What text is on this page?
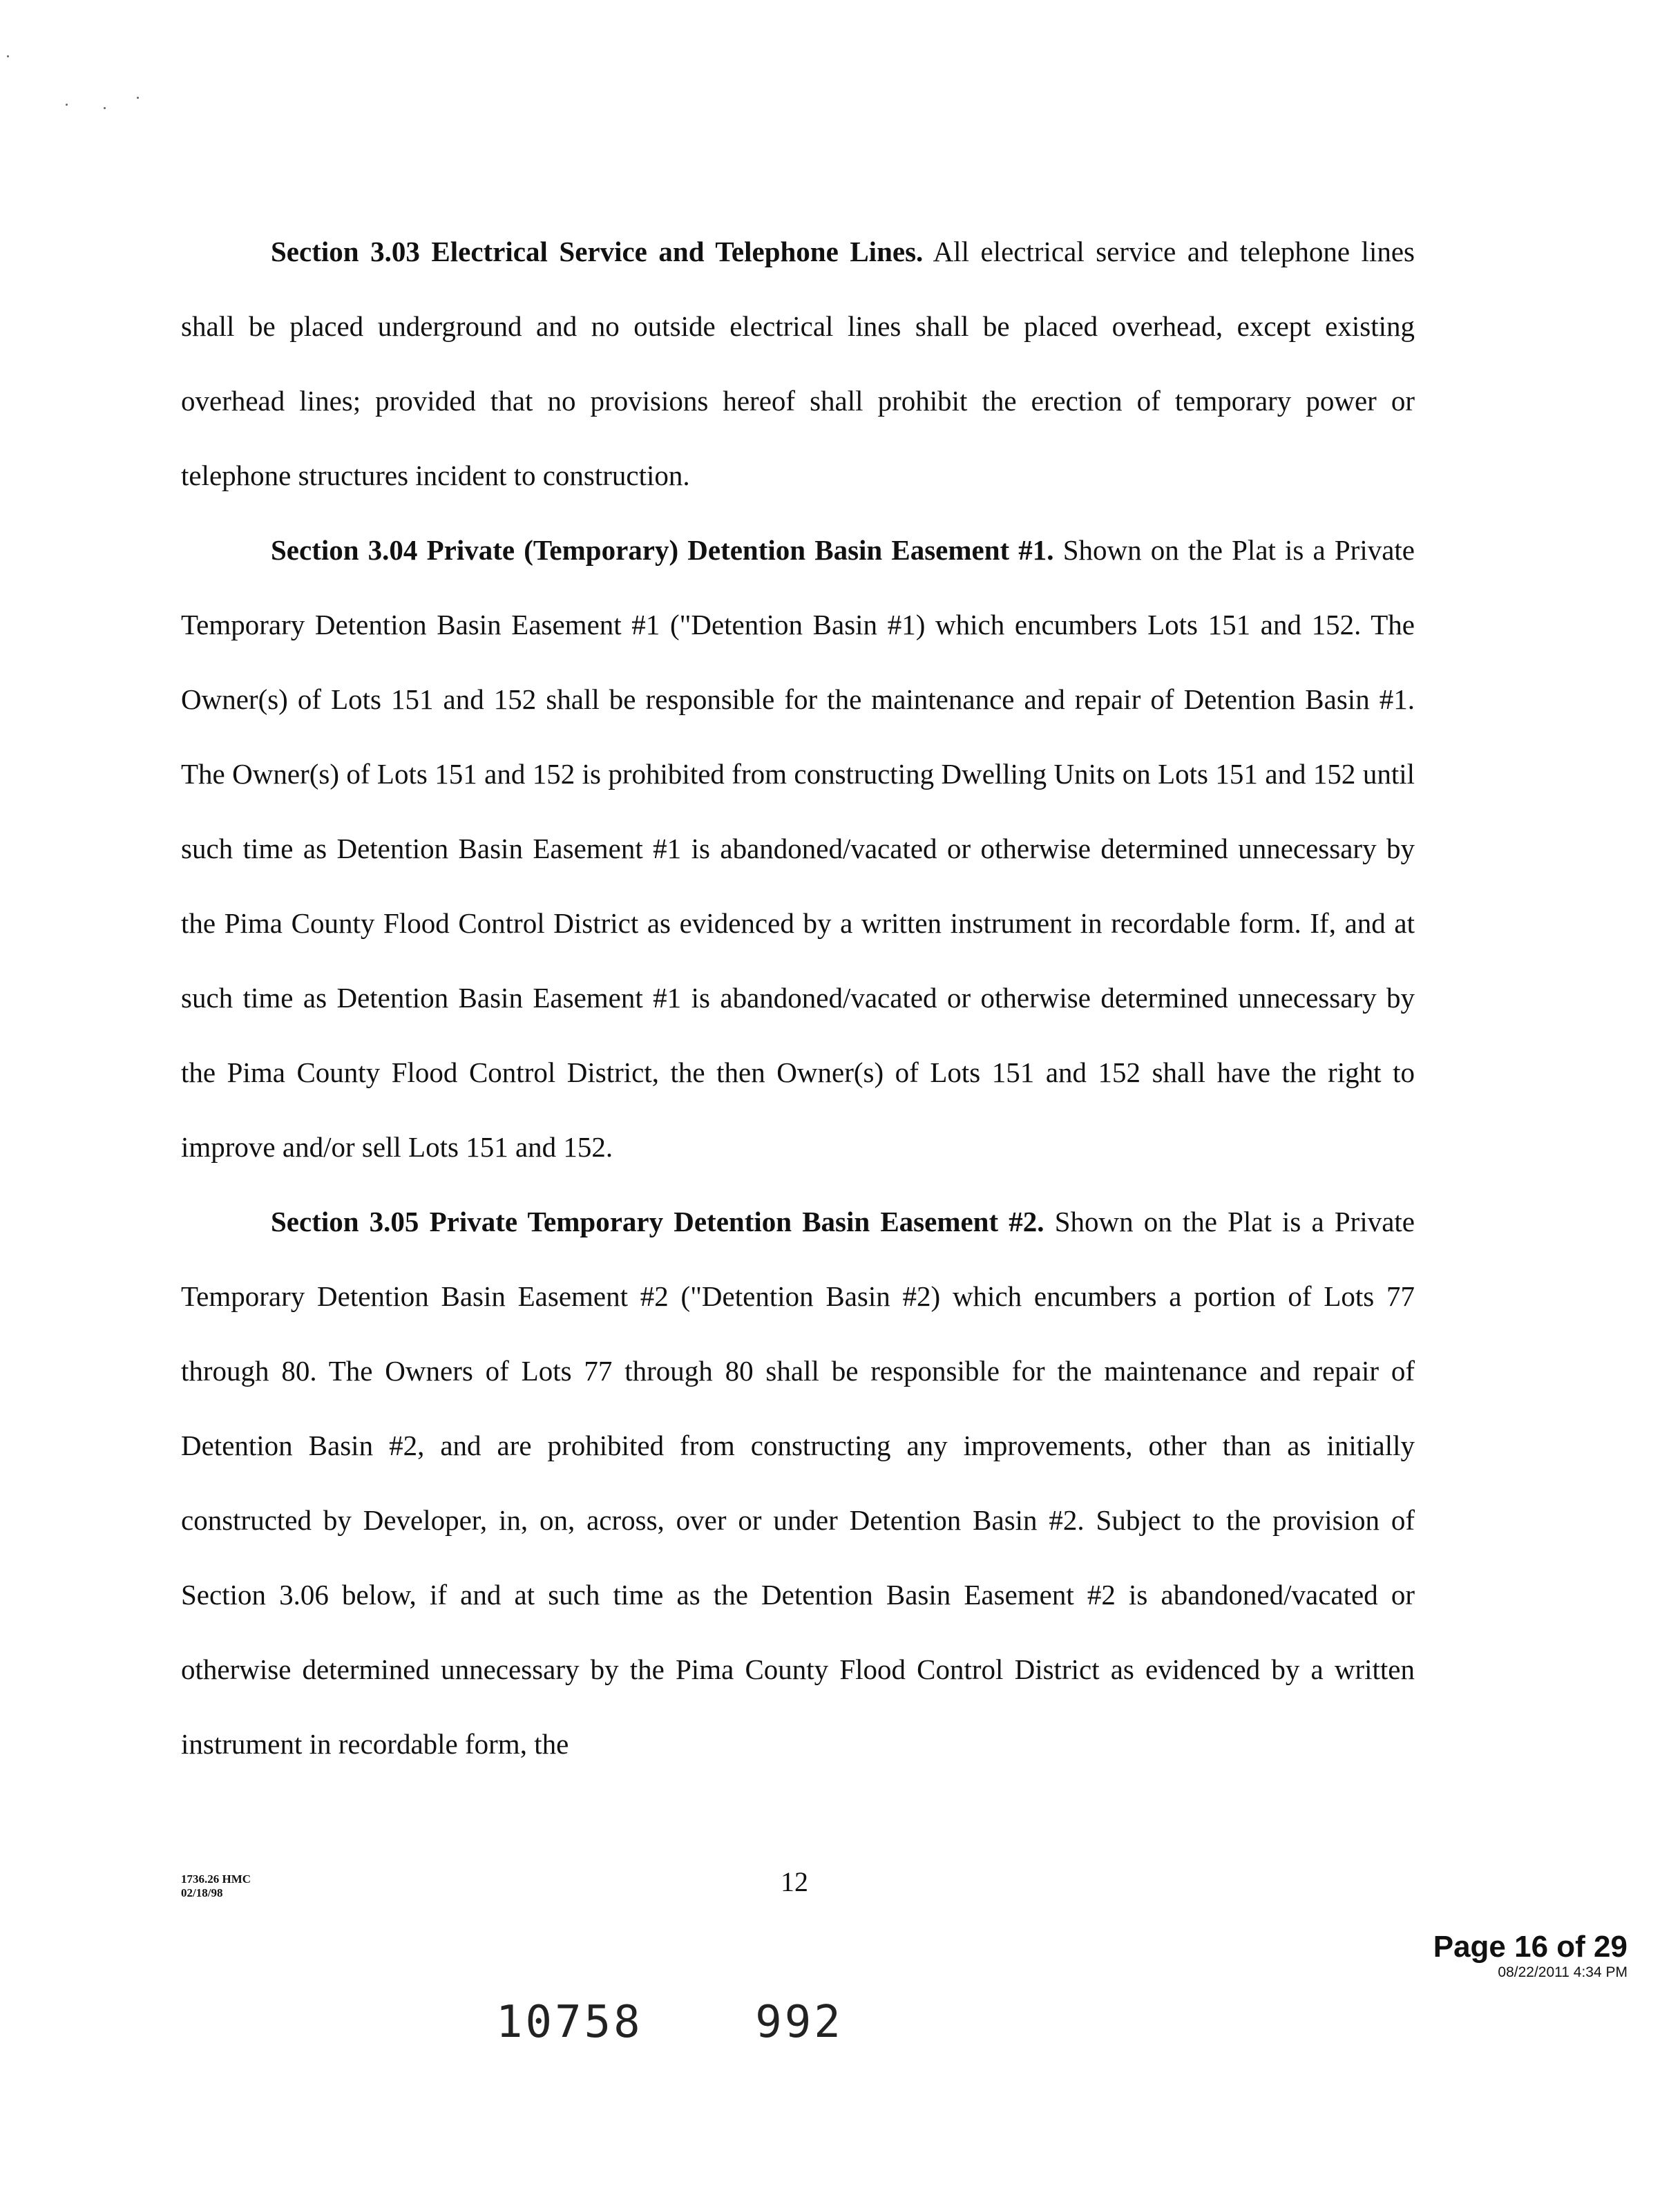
Section 3.03 Electrical Service and Telephone Lines. All electrical service and telephone lines shall be placed underground and no outside electrical lines shall be placed overhead, except existing overhead lines; provided that no provisions hereof shall prohibit the erection of temporary power or telephone structures incident to construction.

Section 3.04 Private (Temporary) Detention Basin Easement #1. Shown on the Plat is a Private Temporary Detention Basin Easement #1 ("Detention Basin #1) which encumbers Lots 151 and 152. The Owner(s) of Lots 151 and 152 shall be responsible for the maintenance and repair of Detention Basin #1. The Owner(s) of Lots 151 and 152 is prohibited from constructing Dwelling Units on Lots 151 and 152 until such time as Detention Basin Easement #1 is abandoned/vacated or otherwise determined unnecessary by the Pima County Flood Control District as evidenced by a written instrument in recordable form. If, and at such time as Detention Basin Easement #1 is abandoned/vacated or otherwise determined unnecessary by the Pima County Flood Control District, the then Owner(s) of Lots 151 and 152 shall have the right to improve and/or sell Lots 151 and 152.

Section 3.05 Private Temporary Detention Basin Easement #2. Shown on the Plat is a Private Temporary Detention Basin Easement #2 ("Detention Basin #2) which encumbers a portion of Lots 77 through 80. The Owners of Lots 77 through 80 shall be responsible for the maintenance and repair of Detention Basin #2, and are prohibited from constructing any improvements, other than as initially constructed by Developer, in, on, across, over or under Detention Basin #2. Subject to the provision of Section 3.06 below, if and at such time as the Detention Basin Easement #2 is abandoned/vacated or otherwise determined unnecessary by the Pima County Flood Control District as evidenced by a written instrument in recordable form, the

1736.26 HMC
02/18/98	12
Page 16 of 29
08/22/2011 4:34 PM
10758	992
